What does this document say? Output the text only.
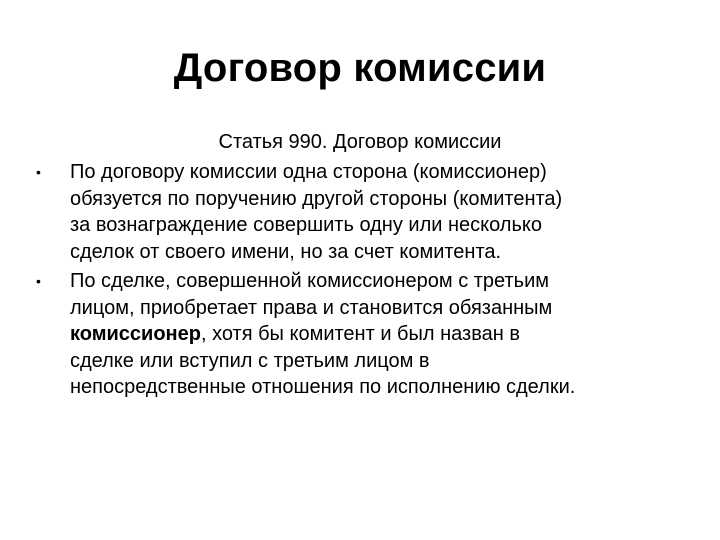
Договор комиссии
Статья 990. Договор комиссии
•	По договору комиссии одна сторона (комиссионер)
обязуется по поручению другой стороны (комитента)
за вознаграждение совершить одну или несколько
сделок от своего имени, но за счет комитента.
•	По сделке, совершенной комиссионером с третьим
лицом, приобретает права и становится обязанным
комиссионер, хотя бы комитент и был назван в
сделке или вступил с третьим лицом в
непосредственные отношения по исполнению сделки.
